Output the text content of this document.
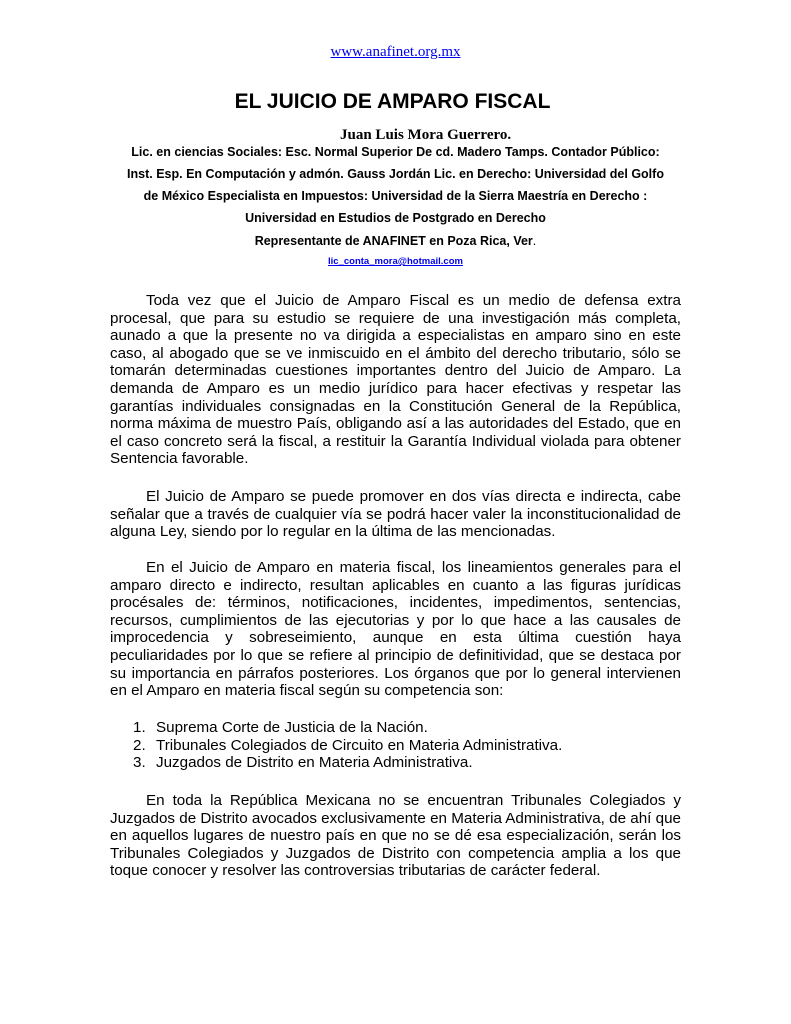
www.anafinet.org.mx
EL JUICIO DE AMPARO FISCAL
Juan Luis Mora Guerrero.
Lic. en ciencias Sociales: Esc. Normal Superior De cd. Madero Tamps. Contador Público:
Inst. Esp. En Computación y admón. Gauss Jordán Lic. en Derecho: Universidad del Golfo
de México Especialista en Impuestos: Universidad de la Sierra Maestría en Derecho :
Universidad en Estudios de Postgrado en Derecho
Representante de ANAFINET en Poza Rica, Ver.
lic_conta_mora@hotmail.com

Toda vez que el Juicio de Amparo Fiscal es un medio de defensa extra procesal, que para su estudio se requiere de una investigación más completa, aunado a que la presente no va dirigida a especialistas en amparo sino en este caso, al abogado que se ve inmiscuido en el ámbito del derecho tributario, sólo se tomarán determinadas cuestiones importantes dentro del Juicio de Amparo. La demanda de Amparo es un medio jurídico para hacer efectivas y respetar las garantías individuales consignadas en la Constitución General de la República, norma máxima de muestro País, obligando así a las autoridades del Estado, que en el caso concreto será la fiscal, a restituir la Garantía Individual violada para obtener Sentencia favorable.

El Juicio de Amparo se puede promover en dos vías directa e indirecta, cabe señalar que a través de cualquier vía se podrá hacer valer la inconstitucionalidad de alguna Ley, siendo por lo regular en la última de las mencionadas.

En el Juicio de Amparo en materia fiscal, los lineamientos generales para el amparo directo e indirecto, resultan aplicables en cuanto a las figuras jurídicas procésales de: términos, notificaciones, incidentes, impedimentos, sentencias, recursos, cumplimientos de las ejecutorias y por lo que hace a las causales de improcedencia y sobreseimiento, aunque en esta última cuestión haya peculiaridades por lo que se refiere al principio de definitividad, que se destaca por su importancia en párrafos posteriores. Los órganos que por lo general intervienen en el Amparo en materia fiscal según su competencia son:

1. Suprema Corte de Justicia de la Nación.
2. Tribunales Colegiados de Circuito en Materia Administrativa.
3. Juzgados de Distrito en Materia Administrativa.

En toda la República Mexicana no se encuentran Tribunales Colegiados y Juzgados de Distrito avocados exclusivamente en Materia Administrativa, de ahí que en aquellos lugares de nuestro país en que no se dé esa especialización, serán los Tribunales Colegiados y Juzgados de Distrito con competencia amplia a los que toque conocer y resolver las controversias tributarias de carácter federal.
